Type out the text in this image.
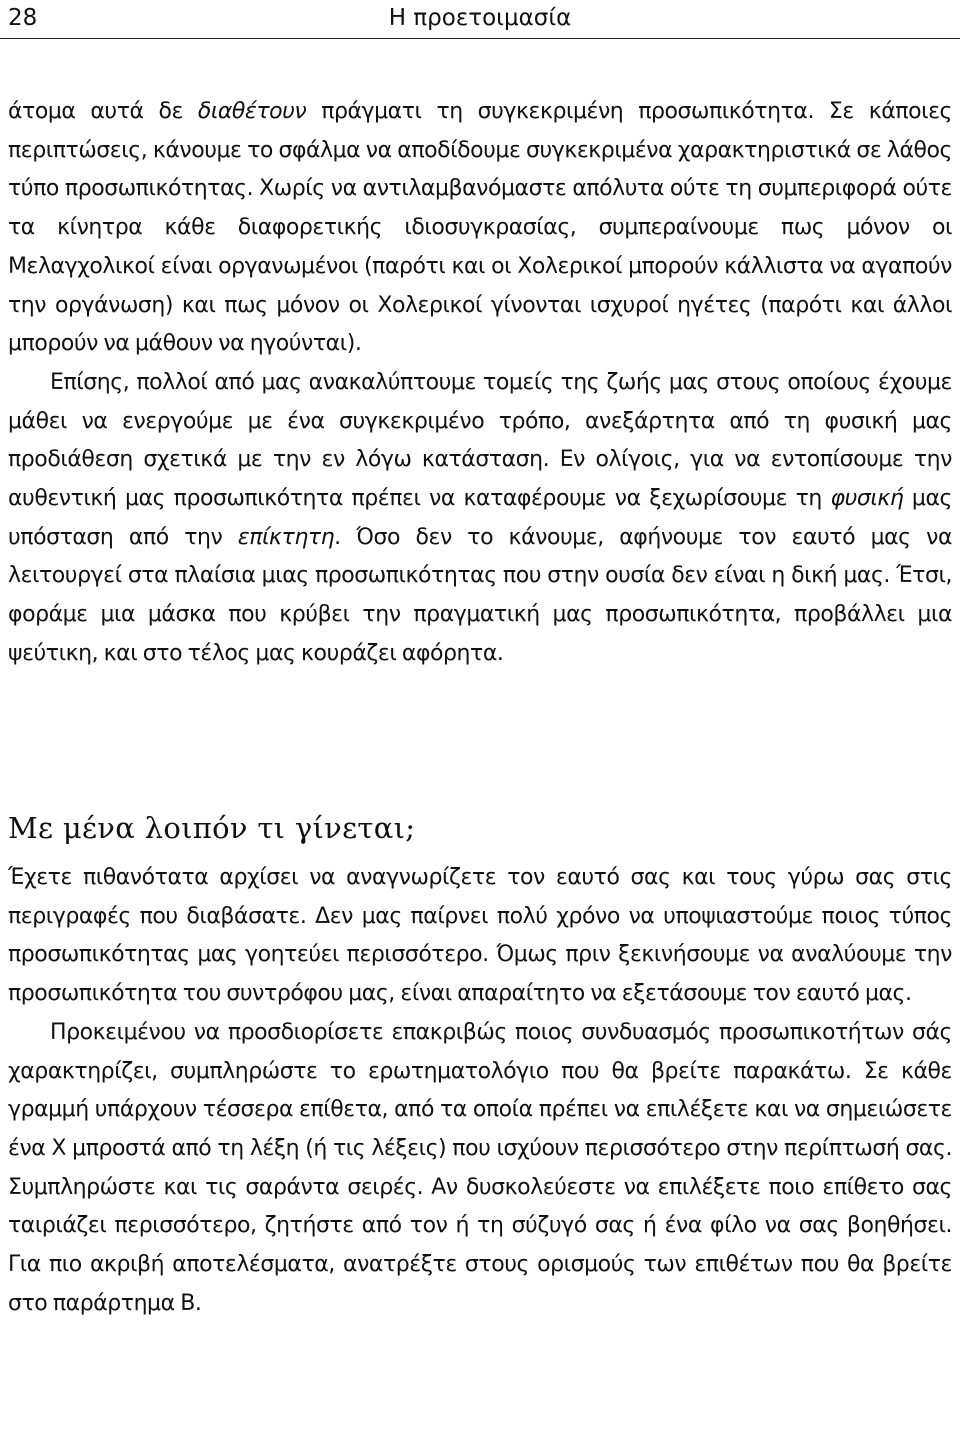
28	Η προετοιμασία

άτομα αυτά δε διαθέτουν πράγματι τη συγκεκριμένη προσωπικότητα. Σε κάποιες περιπτώσεις, κάνουμε το σφάλμα να αποδίδουμε συγκεκριμένα χαρακτηριστικά σε λάθος τύπο προσωπικότητας. Χωρίς να αντιλαμβανόμαστε απόλυτα ούτε τη συμπεριφορά ούτε τα κίνητρα κάθε διαφορετικής ιδιοσυγκρασίας, συμπεραίνουμε πως μόνον οι Μελαγχολικοί είναι οργανωμένοι (παρότι και οι Χολερικοί μπορούν κάλλιστα να αγαπούν την οργάνωση) και πως μόνον οι Χολερικοί γίνονται ισχυροί ηγέτες (παρότι και άλλοι μπορούν να μάθουν να ηγούνται).

Επίσης, πολλοί από μας ανακαλύπτουμε τομείς της ζωής μας στους οποίους έχουμε μάθει να ενεργούμε με ένα συγκεκριμένο τρόπο, ανεξάρτητα από τη φυσική μας προδιάθεση σχετικά με την εν λόγω κατάσταση. Εν ολίγοις, για να εντοπίσουμε την αυθεντική μας προσωπικότητα πρέπει να καταφέρουμε να ξεχωρίσουμε τη φυσική μας υπόσταση από την επίκτητη. Όσο δεν το κάνουμε, αφήνουμε τον εαυτό μας να λειτουργεί στα πλαίσια μιας προσωπικότητας που στην ουσία δεν είναι η δική μας. Έτσι, φοράμε μια μάσκα που κρύβει την πραγματική μας προσωπικότητα, προβάλλει μια ψεύτικη, και στο τέλος μας κουράζει αφόρητα.

Με μένα λοιπόν τι γίνεται;

Έχετε πιθανότατα αρχίσει να αναγνωρίζετε τον εαυτό σας και τους γύρω σας στις περιγραφές που διαβάσατε. Δεν μας παίρνει πολύ χρόνο να υποψιαστούμε ποιος τύπος προσωπικότητας μας γοητεύει περισσότερο. Όμως πριν ξεκινήσουμε να αναλύουμε την προσωπικότητα του συντρόφου μας, είναι απαραίτητο να εξετάσουμε τον εαυτό μας.

Προκειμένου να προσδιορίσετε επακριβώς ποιος συνδυασμός προσωπικοτήτων σάς χαρακτηρίζει, συμπληρώστε το ερωτηματολόγιο που θα βρείτε παρακάτω. Σε κάθε γραμμή υπάρχουν τέσσερα επίθετα, από τα οποία πρέπει να επιλέξετε και να σημειώσετε ένα Χ μπροστά από τη λέξη (ή τις λέξεις) που ισχύουν περισσότερο στην περίπτωσή σας. Συμπληρώστε και τις σαράντα σειρές. Αν δυσκολεύεστε να επιλέξετε ποιο επίθετο σας ταιριάζει περισσότερο, ζητήστε από τον ή τη σύζυγό σας ή ένα φίλο να σας βοηθήσει. Για πιο ακριβή αποτελέσματα, ανατρέξτε στους ορισμούς των επιθέτων που θα βρείτε στο παράρτημα Β.
